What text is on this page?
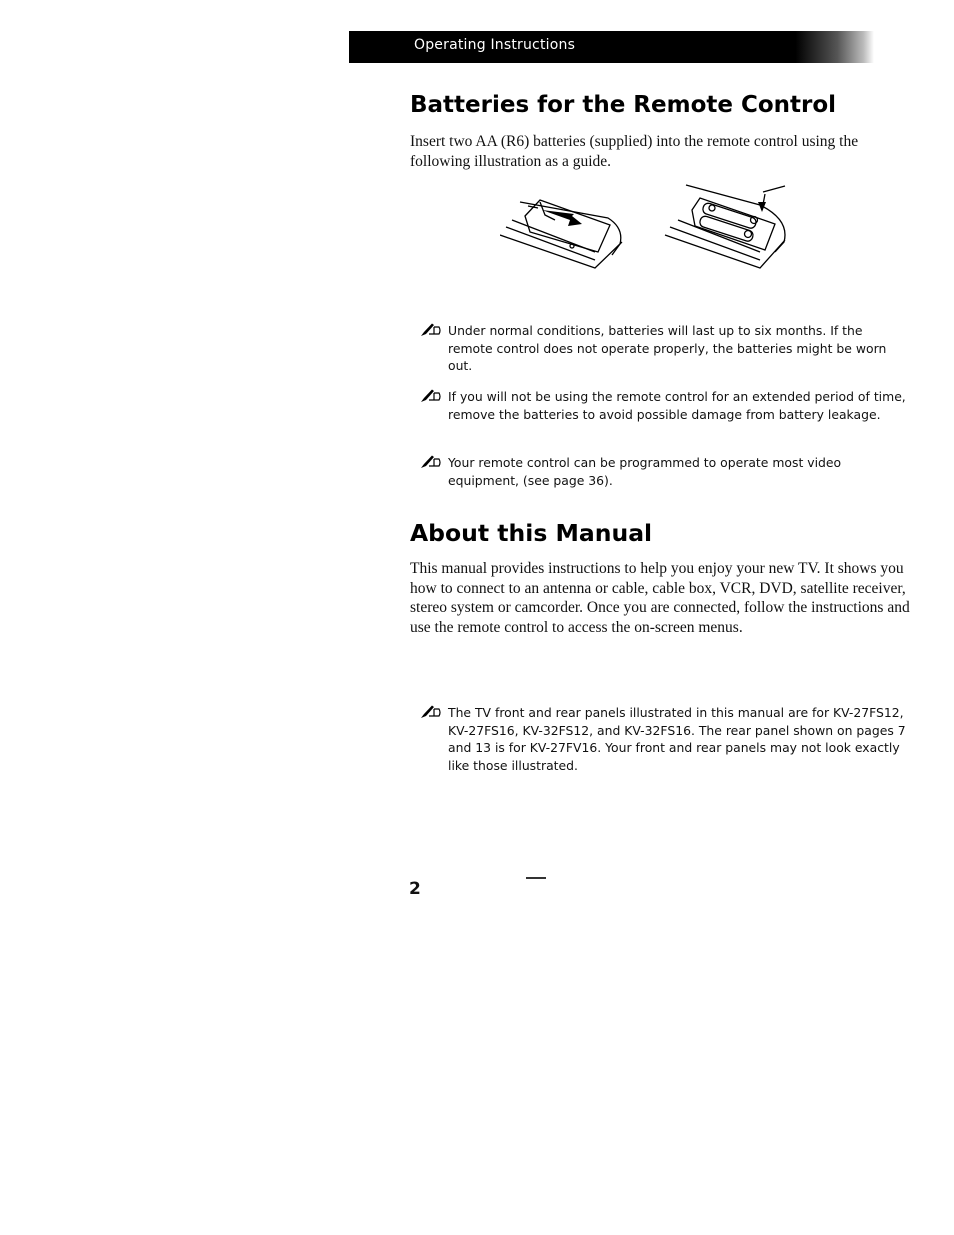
Operating Instructions
Batteries for the Remote Control

Insert two AA (R6) batteries (supplied) into the remote control using the following illustration as a guide.

Under normal conditions, batteries will last up to six months. If the remote control does not operate properly, the batteries might be worn out.
If you will not be using the remote control for an extended period of time, remove the batteries to avoid possible damage from battery leakage.
Your remote control can be programmed to operate most video equipment, (see page 36).
About this Manual

This manual provides instructions to help you enjoy your new TV. It shows you how to connect to an antenna or cable, cable box, VCR, DVD, satellite receiver, stereo system or camcorder. Once you are connected, follow the instructions and use the remote control to access the on-screen menus.

The TV front and rear panels illustrated in this manual are for KV-27FS12, KV-27FS16, KV-32FS12, and KV-32FS16. The rear panel shown on pages 7 and 13 is for KV-27FV16. Your front and rear panels may not look exactly like those illustrated.
2
